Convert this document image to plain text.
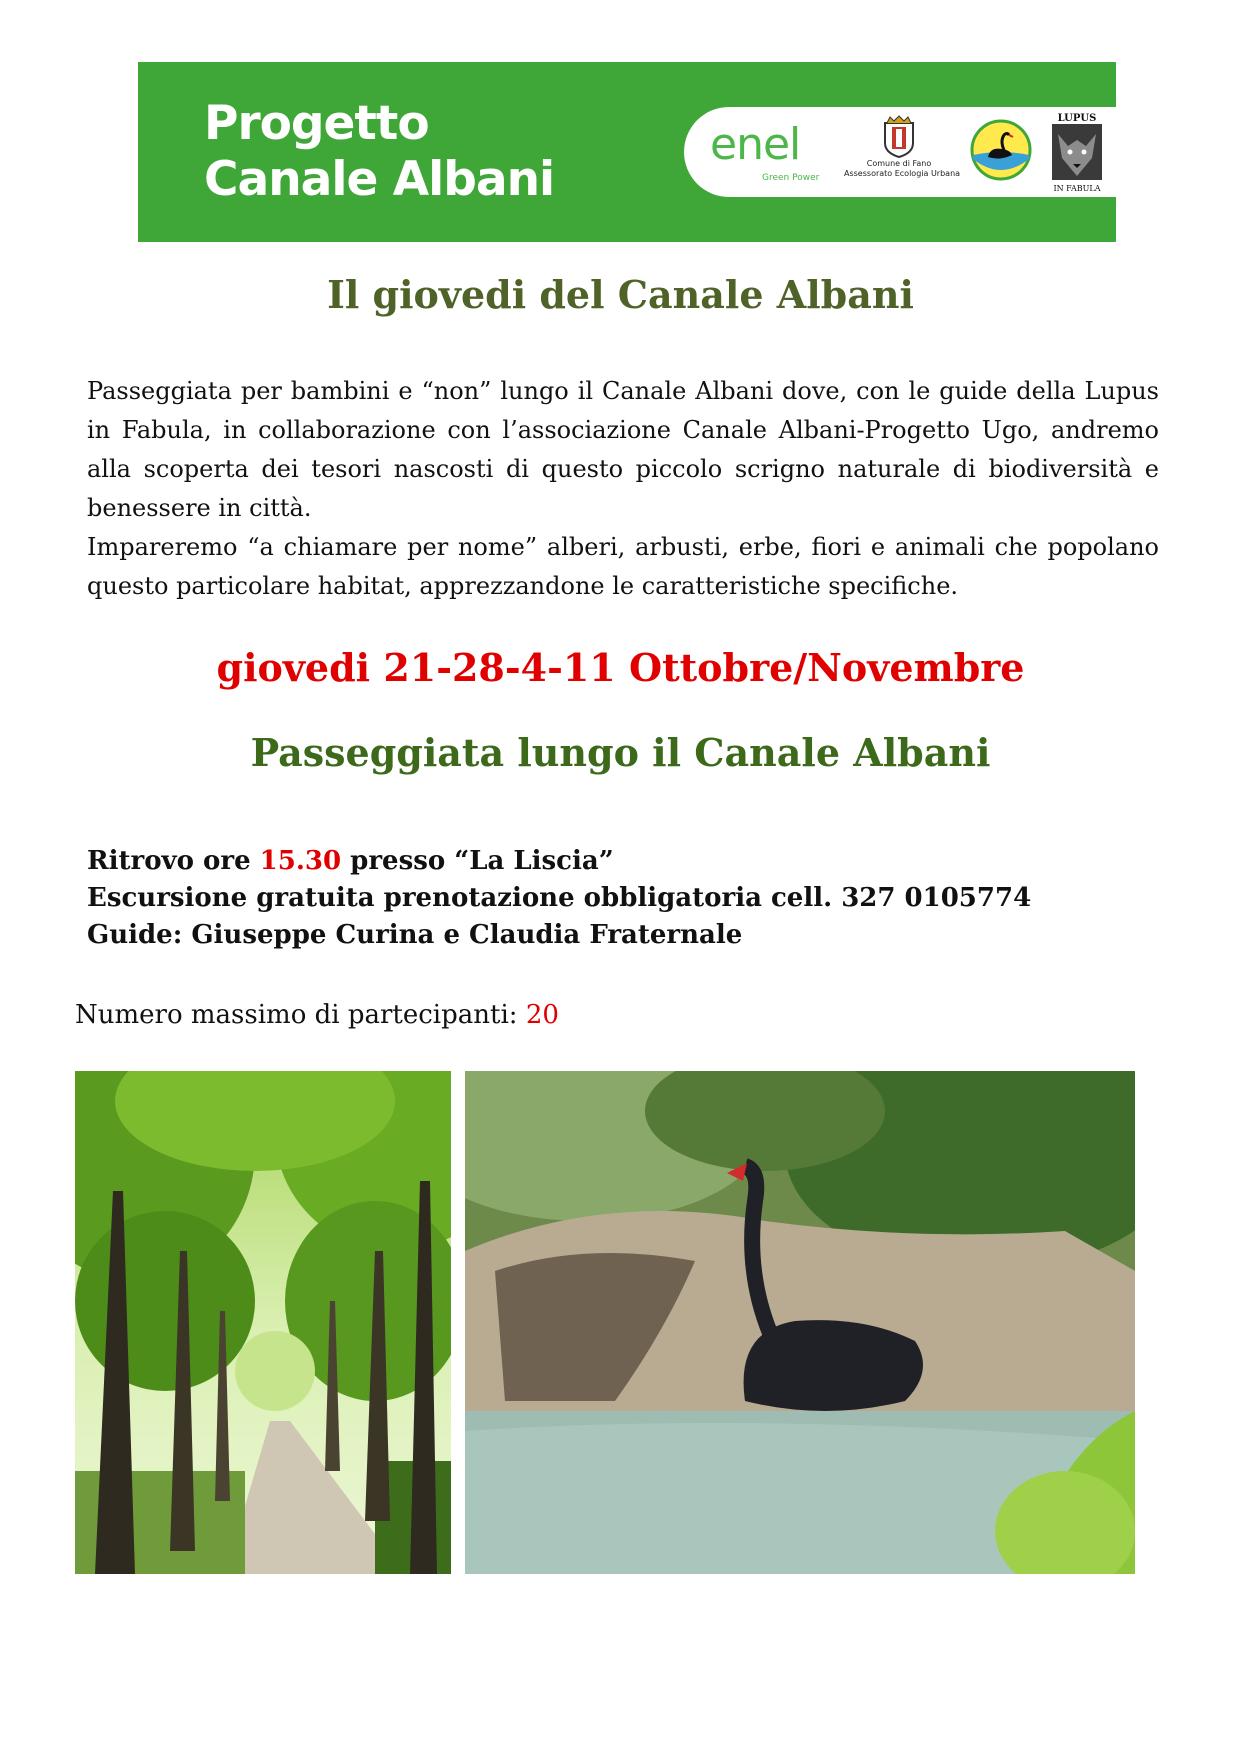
Progetto
Canale Albani
enel
Green Power
Comune di Fano
Assessorato Ecologia Urbana
LUPUS
IN FABULA
Il giovedi del Canale Albani

Passeggiata per bambini e “non” lungo il Canale Albani dove, con le guide della Lupus in Fabula, in collaborazione con l’associazione Canale Albani-Progetto Ugo, andremo alla scoperta dei tesori nascosti di questo piccolo scrigno naturale di biodiversità e benessere in città.

Impareremo “a chiamare per nome” alberi, arbusti, erbe, fiori e animali che popolano questo particolare habitat, apprezzandone le caratteristiche specifiche.

giovedi 21-28-4-11 Ottobre/Novembre
Passeggiata lungo il Canale Albani
Ritrovo ore 15.30 presso “La Liscia”
Escursione gratuita prenotazione obbligatoria cell. 327 0105774
Guide: Giuseppe Curina e Claudia Fraternale
Numero massimo di partecipanti: 20
